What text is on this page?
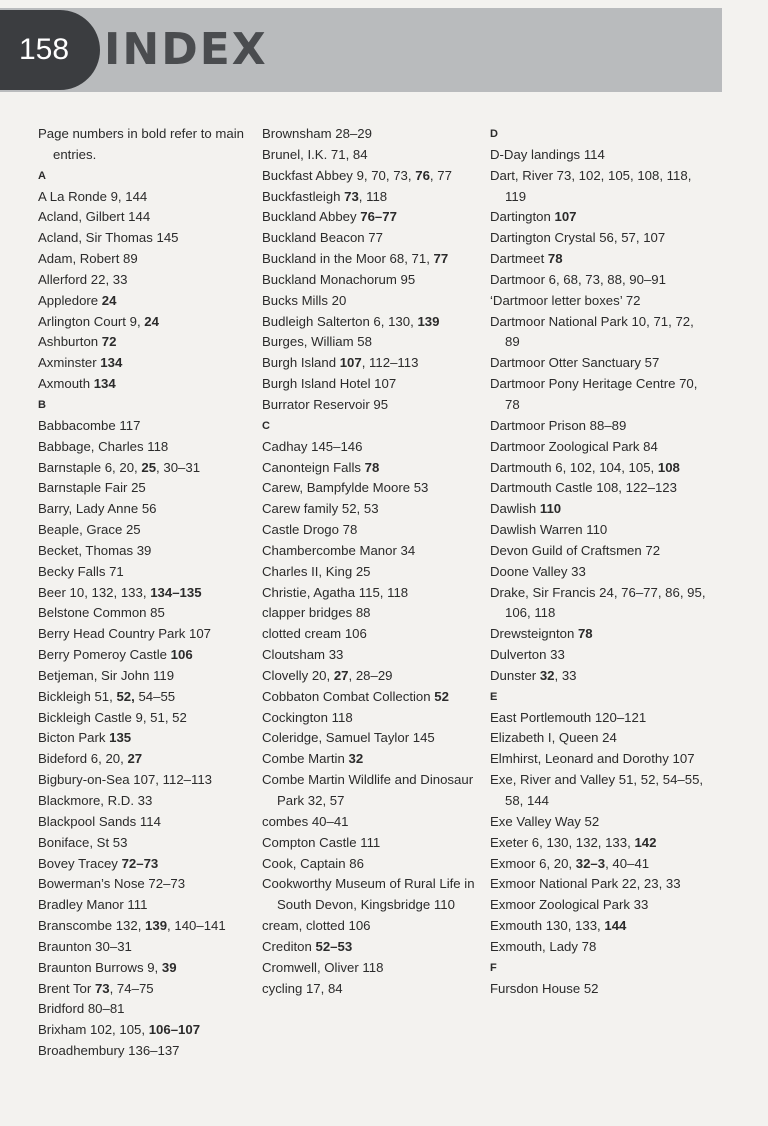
158 INDEX
Page numbers in bold refer to main entries.
A
A La Ronde 9, 144
Acland, Gilbert 144
Acland, Sir Thomas 145
Adam, Robert 89
Allerford 22, 33
Appledore 24
Arlington Court 9, 24
Ashburton 72
Axminster 134
Axmouth 134
B
Babbacombe 117
Babbage, Charles 118
Barnstaple 6, 20, 25, 30–31
Barnstaple Fair 25
Barry, Lady Anne 56
Beaple, Grace 25
Becket, Thomas 39
Becky Falls 71
Beer 10, 132, 133, 134–135
Belstone Common 85
Berry Head Country Park 107
Berry Pomeroy Castle 106
Betjeman, Sir John 119
Bickleigh 51, 52, 54–55
Bickleigh Castle 9, 51, 52
Bicton Park 135
Bideford 6, 20, 27
Bigbury-on-Sea 107, 112–113
Blackmore, R.D. 33
Blackpool Sands 114
Boniface, St 53
Bovey Tracey 72–73
Bowerman’s Nose 72–73
Bradley Manor 111
Branscombe 132, 139, 140–141
Braunton 30–31
Braunton Burrows 9, 39
Brent Tor 73, 74–75
Bridford 80–81
Brixham 102, 105, 106–107
Broadhembury 136–137
Brownsham 28–29
Brunel, I.K. 71, 84
Buckfast Abbey 9, 70, 73, 76, 77
Buckfastleigh 73, 118
Buckland Abbey 76–77
Buckland Beacon 77
Buckland in the Moor 68, 71, 77
Buckland Monachorum 95
Bucks Mills 20
Budleigh Salterton 6, 130, 139
Burges, William 58
Burgh Island 107, 112–113
Burgh Island Hotel 107
Burrator Reservoir 95
C
Cadhay 145–146
Canonteign Falls 78
Carew, Bampfylde Moore 53
Carew family 52, 53
Castle Drogo 78
Chambercombe Manor 34
Charles II, King 25
Christie, Agatha 115, 118
clapper bridges 88
clotted cream 106
Cloutsham 33
Clovelly 20, 27, 28–29
Cobbaton Combat Collection 52
Cockington 118
Coleridge, Samuel Taylor 145
Combe Martin 32
Combe Martin Wildlife and Dinosaur Park 32, 57
combes 40–41
Compton Castle 111
Cook, Captain 86
Cookworthy Museum of Rural Life in South Devon, Kingsbridge 110
cream, clotted 106
Crediton 52–53
Cromwell, Oliver 118
cycling 17, 84
D
D-Day landings 114
Dart, River 73, 102, 105, 108, 118, 119
Dartington 107
Dartington Crystal 56, 57, 107
Dartmeet 78
Dartmoor 6, 68, 73, 88, 90–91
‘Dartmoor letter boxes’ 72
Dartmoor National Park 10, 71, 72, 89
Dartmoor Otter Sanctuary 57
Dartmoor Pony Heritage Centre 70, 78
Dartmoor Prison 88–89
Dartmoor Zoological Park 84
Dartmouth 6, 102, 104, 105, 108
Dartmouth Castle 108, 122–123
Dawlish 110
Dawlish Warren 110
Devon Guild of Craftsmen 72
Doone Valley 33
Drake, Sir Francis 24, 76–77, 86, 95, 106, 118
Drewsteignton 78
Dulverton 33
Dunster 32, 33
E
East Portlemouth 120–121
Elizabeth I, Queen 24
Elmhirst, Leonard and Dorothy 107
Exe, River and Valley 51, 52, 54–55, 58, 144
Exe Valley Way 52
Exeter 6, 130, 132, 133, 142
Exmoor 6, 20, 32–3, 40–41
Exmoor National Park 22, 23, 33
Exmoor Zoological Park 33
Exmouth 130, 133, 144
Exmouth, Lady 78
F
Fursdon House 52
